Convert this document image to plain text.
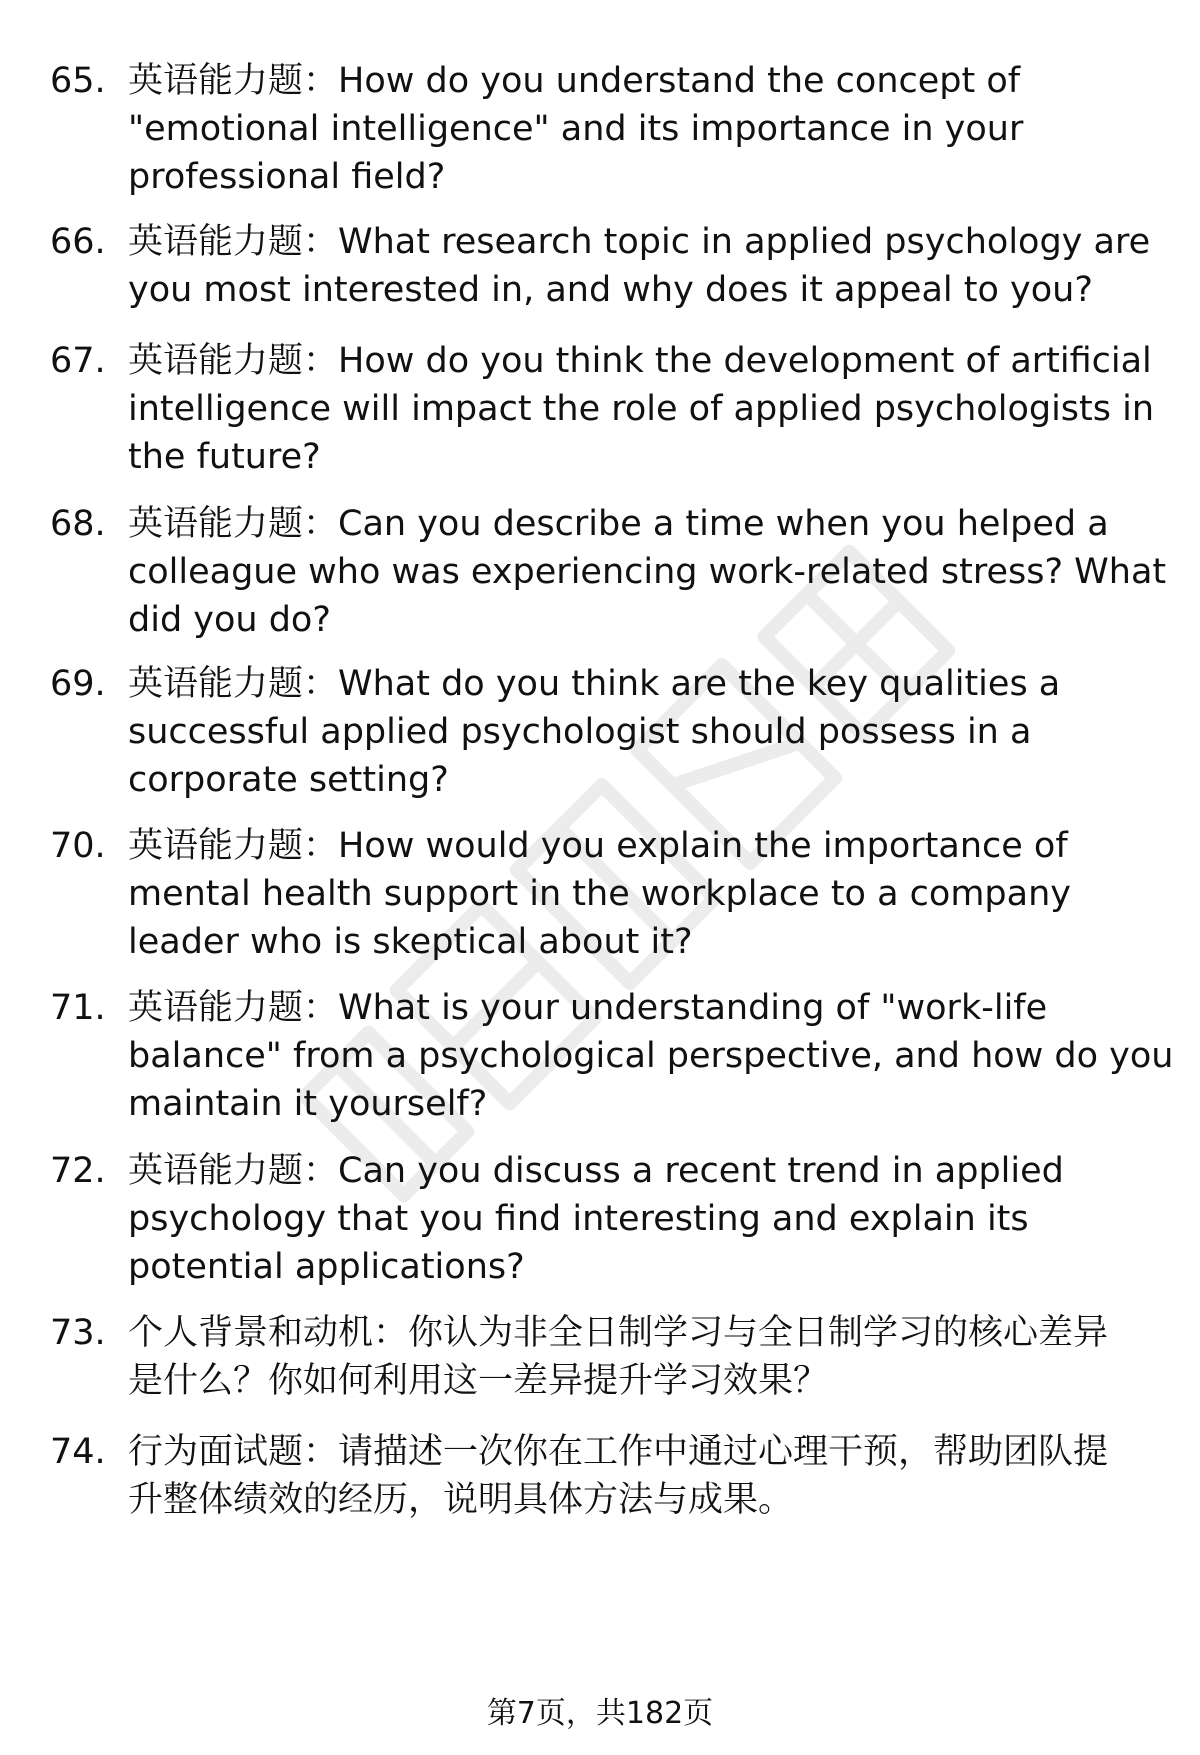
65. 英语能力题：How do you understand the concept of
"emotional intelligence" and its importance in your
professional field?
66. 英语能力题：What research topic in applied psychology are
you most interested in, and why does it appeal to you?
67. 英语能力题：How do you think the development of artificial
intelligence will impact the role of applied psychologists in
the future?
68. 英语能力题：Can you describe a time when you helped a
colleague who was experiencing work-related stress? What
did you do?
69. 英语能力题：What do you think are the key qualities a
successful applied psychologist should possess in a
corporate setting?
70. 英语能力题：How would you explain the importance of
mental health support in the workplace to a company
leader who is skeptical about it?
71. 英语能力题：What is your understanding of "work-life
balance" from a psychological perspective, and how do you
maintain it yourself?
72. 英语能力题：Can you discuss a recent trend in applied
psychology that you find interesting and explain its
potential applications?
73. 个人背景和动机：你认为非全日制学习与全日制学习的核心差异
是什么？你如何利用这一差异提升学习效果？
74. 行为面试题：请描述一次你在工作中通过心理干预，帮助团队提
升整体绩效的经历，说明具体方法与成果。
第7页，共182页
